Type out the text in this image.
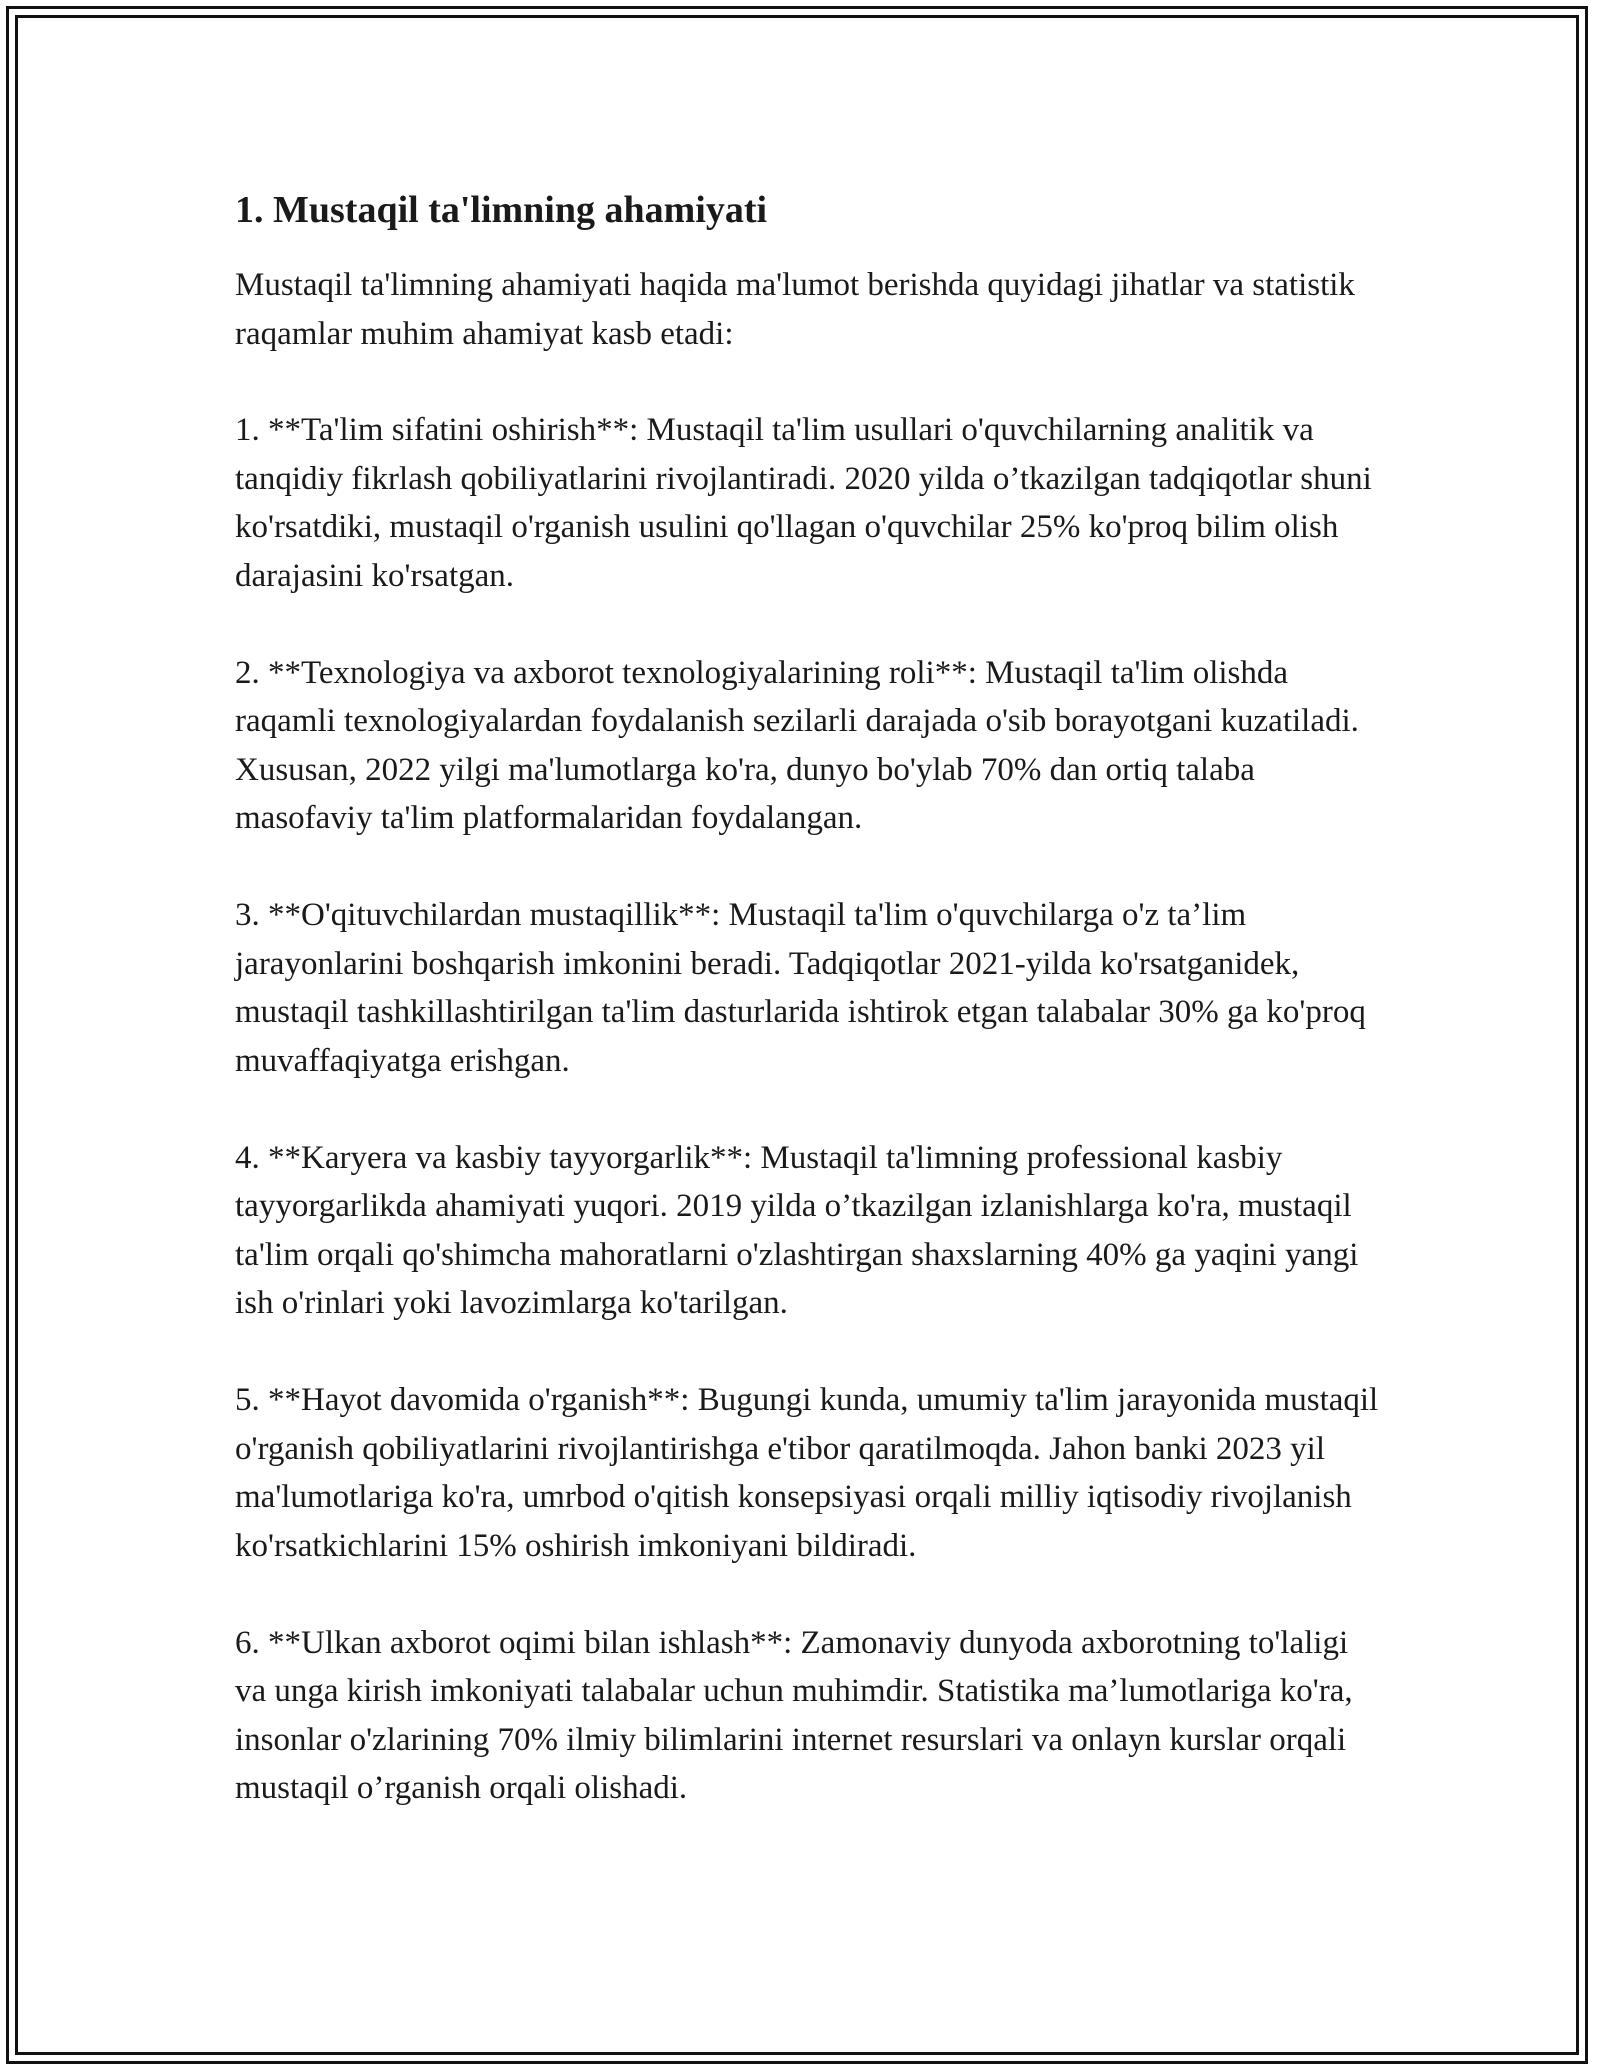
1. Mustaqil ta'limning ahamiyati

Mustaqil ta'limning ahamiyati haqida ma'lumot berishda quyidagi jihatlar va statistik raqamlar muhim ahamiyat kasb etadi:

1. **Ta'lim sifatini oshirish**: Mustaqil ta'lim usullari o'quvchilarning analitik va tanqidiy fikrlash qobiliyatlarini rivojlantiradi. 2020 yilda o’tkazilgan tadqiqotlar shuni ko'rsatdiki, mustaqil o'rganish usulini qo'llagan o'quvchilar 25% ko'proq bilim olish darajasini ko'rsatgan.

2. **Texnologiya va axborot texnologiyalarining roli**: Mustaqil ta'lim olishda raqamli texnologiyalardan foydalanish sezilarli darajada o'sib borayotgani kuzatiladi. Xususan, 2022 yilgi ma'lumotlarga ko'ra, dunyo bo'ylab 70% dan ortiq talaba masofaviy ta'lim platformalaridan foydalangan.

3. **O'qituvchilardan mustaqillik**: Mustaqil ta'lim o'quvchilarga o'z ta’lim jarayonlarini boshqarish imkonini beradi. Tadqiqotlar 2021-yilda ko'rsatganidek, mustaqil tashkillashtirilgan ta'lim dasturlarida ishtirok etgan talabalar 30% ga ko'proq muvaffaqiyatga erishgan.

4. **Karyera va kasbiy tayyorgarlik**: Mustaqil ta'limning professional kasbiy tayyorgarlikda ahamiyati yuqori. 2019 yilda o’tkazilgan izlanishlarga ko'ra, mustaqil ta'lim orqali qo'shimcha mahoratlarni o'zlashtirgan shaxslarning 40% ga yaqini yangi ish o'rinlari yoki lavozimlarga ko'tarilgan.

5. **Hayot davomida o'rganish**: Bugungi kunda, umumiy ta'lim jarayonida mustaqil o'rganish qobiliyatlarini rivojlantirishga e'tibor qaratilmoqda. Jahon banki 2023 yil ma'lumotlariga ko'ra, umrbod o'qitish konsepsiyasi orqali milliy iqtisodiy rivojlanish ko'rsatkichlarini 15% oshirish imkoniyani bildiradi.

6. **Ulkan axborot oqimi bilan ishlash**: Zamonaviy dunyoda axborotning to'laligi va unga kirish imkoniyati talabalar uchun muhimdir. Statistika ma’lumotlariga ko'ra, insonlar o'zlarining 70% ilmiy bilimlarini internet resurslari va onlayn kurslar orqali mustaqil o’rganish orqali olishadi.
